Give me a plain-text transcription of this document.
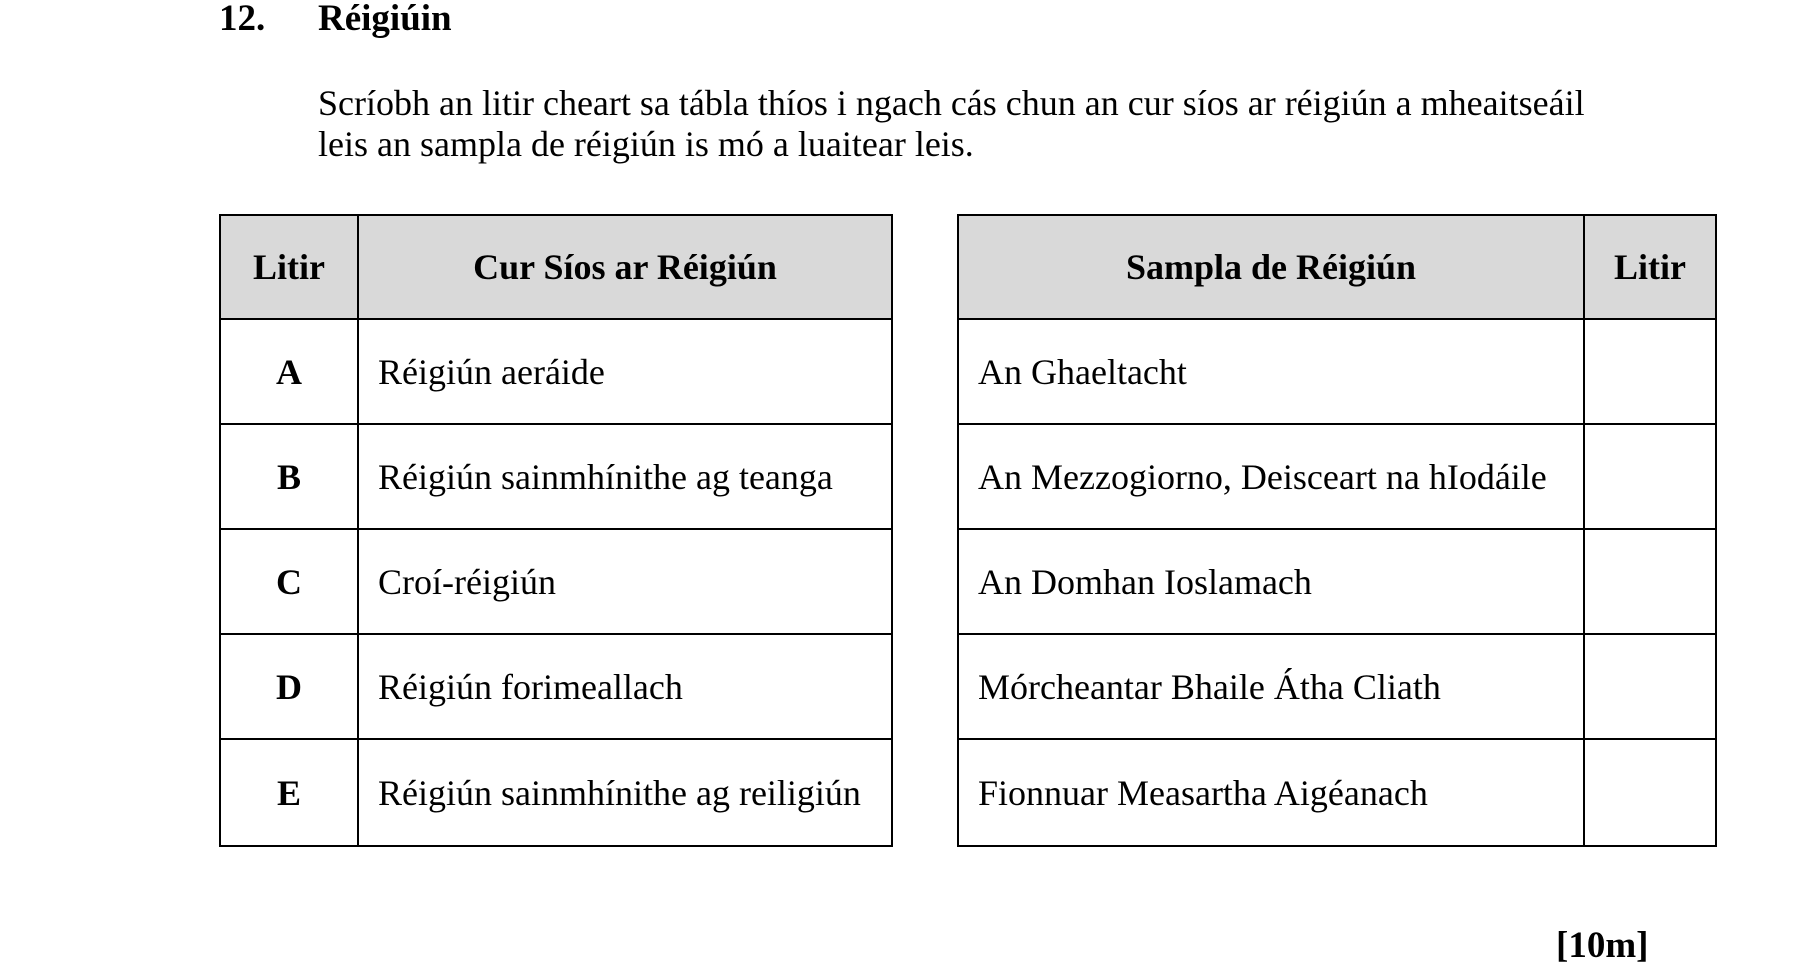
12. Réigiúin
Scríobh an litir cheart sa tábla thíos i ngach cás chun an cur síos ar réigiún a mheaitseáil
leis an sampla de réigiún is mó a luaitear leis.
Litir	Cur Síos ar Réigiún
A	Réigiún aeráide
B	Réigiún sainmhínithe ag teanga
C	Croí-réigiún
D	Réigiún forimeallach
E	Réigiún sainmhínithe ag reiligiún
Sampla de Réigiún	Litir
An Ghaeltacht
An Mezzogiorno, Deisceart na hIodáile
An Domhan Ioslamach
Mórcheantar Bhaile Átha Cliath
Fionnuar Measartha Aigéanach
[10m]
